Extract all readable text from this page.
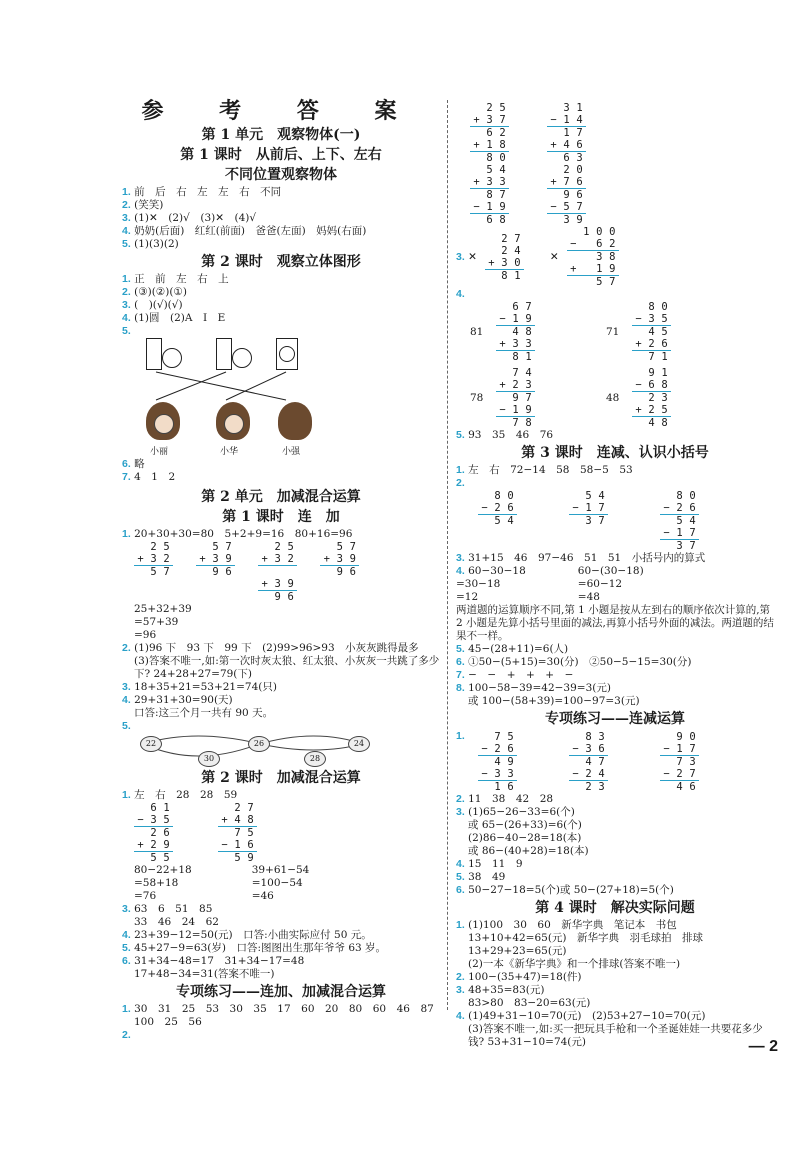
参 考 答 案
第 1 单元　观察物体(一)
第 1 课时　从前后、上下、左右
不同位置观察物体

1. 前　后　右　左　左　右　不同

2. (笑笑)

3. (1)✕　(2)√　(3)✕　(4)√

4. 奶奶(后面)　红红(前面)　爸爸(左面)　妈妈(右面)

5. (1)(3)(2)

第 2 课时　观察立体图形

1. 正　前　左　右　上

2. (③)(②)(①)

3. (　)(√)(√)

4. (1)圆　(2)A　I　E

5.

小丽	小华	小强

6. 略

7. 4　1　2

第 2 单元　加减混合运算
第 1 课时　连　加

1. 20+30+30=80　5+2+9=16　80+16=96

	2	5
+	3	2
	5	7

	5	7
+	3	9
	9	6

	2	5
+	3	2

+	3	9
	9	6

	5	7
+	3	9
	9	6

25+32+39

=57+39

=96

2. (1)96 下　93 下　99 下　(2)99>96>93　小灰灰跳得最多

(3)答案不唯一,如:第一次时灰太狼、红太狼、小灰灰一共跳了多少下? 24+28+27=79(下)

3. 18+35+21=53+21=74(只)

4. 29+31+30=90(天)

口答:这三个月一共有 90 天。

5.

22
30
26
28
24
第 2 课时　加减混合运算

1. 左　右　28　28　59

	6	1
−	3	5
	2	6
+	2	9
	5	5

	2	7
+	4	8
	7	5
−	1	6
	5	9

80−22+18

=58+18

=76

39+61−54

=100−54

=46

3. 63　6　51　85

33　46　24　62

4. 23+39−12=50(元)　口答:小曲实际应付 50 元。

5. 45+27−9=63(岁)　口答:图图出生那年爷爷 63 岁。

6. 31+34−48=17　31+34−17=48

17+48−34=31(答案不唯一)

专项练习——连加、加减混合运算

1. 30　31　25　53　30　35　17　60　20　80　60　46　87

100　25　56

2.

	2	5
+	3	7
	6	2
+	1	8
	8	0
	5	4
+	3	3
	8	7
−	1	9
	6	8
	3	1
−	1	4
	1	7
+	4	6
	6	3
	2	0
+	7	6
	9	6
−	5	7
	3	9
3. ✕
	2	7
	2	4
+	3	0
	8	1
✕
	1	0	0
−		6	2
		3	8
+		1	9
		5	7

4.

81
	6	7
−	1	9
	4	8
+	3	3
	8	1
71
	8	0
−	3	5
	4	5
+	2	6
	7	1
78
	7	4
+	2	3
	9	7
−	1	9
	7	8
48
	9	1
−	6	8
	2	3
+	2	5
	4	8

5. 93　35　46　76

第 3 课时　连减、认识小括号

1. 左　右　72−14　58　58−5　53

2.

	8	0
−	2	6
	5	4
	5	4
−	1	7
	3	7
	8	0
−	2	6
	5	4
−	1	7
	3	7

3. 31+15　46　97−46　51　51　小括号内的算式

4. 60−30−18

=30−18

=12

60−(30−18)

=60−12

=48

两道题的运算顺序不同,第 1 小题是按从左到右的顺序依次计算的,第 2 小题是先算小括号里面的减法,再算小括号外面的减法。两道题的结果不一样。

5. 45−(28+11)=6(人)

6. ①50−(5+15)=30(分)　②50−5−15=30(分)

7. −　−　+　+　+　−

8. 100−58−39=42−39=3(元)

或 100−(58+39)=100−97=3(元)

专项练习——连减运算

1.

		7	5
−	2	6
	4	9
−	3	3
	1	6
	8	3
−	3	6
	4	7
−	2	4
	2	3
	9	0
−	1	7
	7	3
−	2	7
	4	6

2. 11　38　42　28

3. (1)65−26−33=6(个)

或 65−(26+33)=6(个)

(2)86−40−28=18(本)

或 86−(40+28)=18(本)

4. 15　11　9

5. 38　49

6. 50−27−18=5(个)或 50−(27+18)=5(个)

第 4 课时　解决实际问题

1. (1)100　30　60　新华字典　笔记本　书包

13+10+42=65(元)　新华字典　羽毛球拍　排球

13+29+23=65(元)

(2)一本《新华字典》和一个排球(答案不唯一)

2. 100−(35+47)=18(件)

3. 48+35=83(元)

83>80　83−20=63(元)

4. (1)49+31−10=70(元)　(2)53+27−10=70(元)

(3)答案不唯一,如:买一把玩具手枪和一个圣诞娃娃一共要花多少钱? 53+31−10=74(元)	— 2
